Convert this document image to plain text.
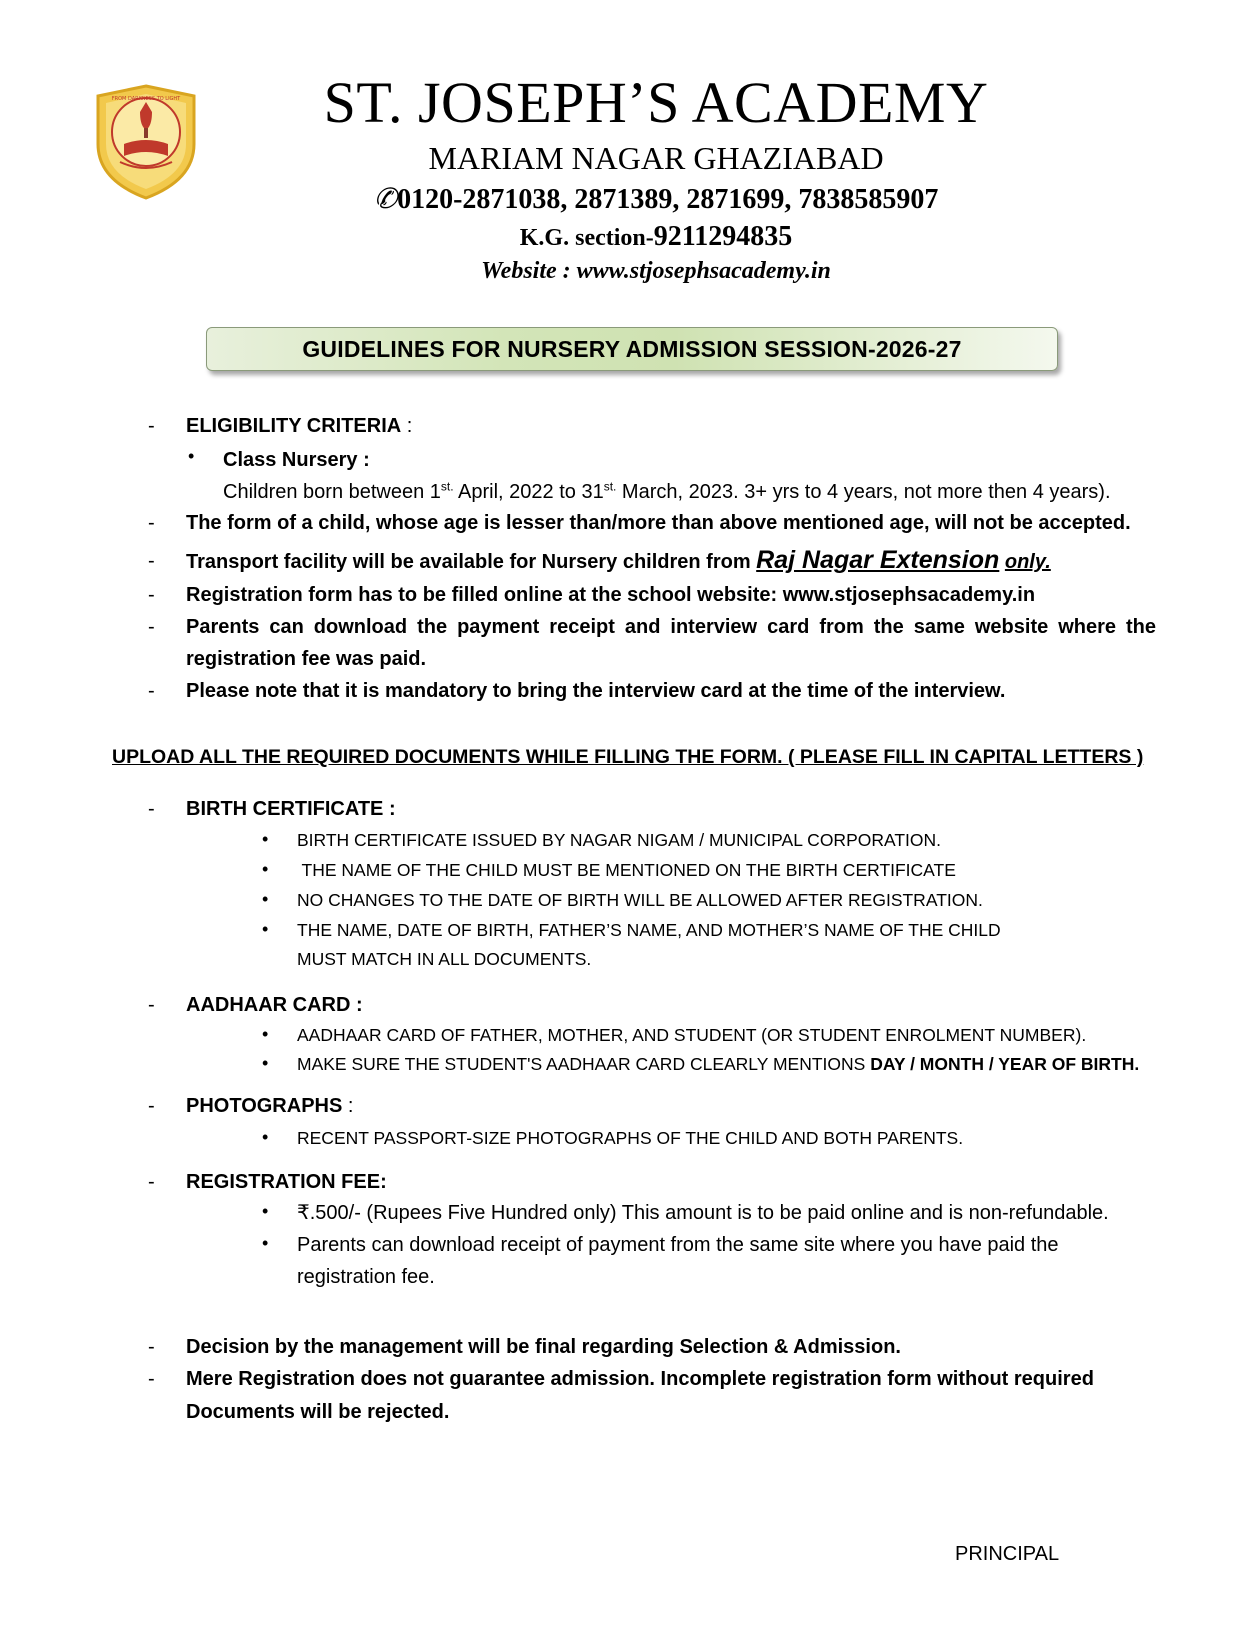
FROM DARKNESS TO LIGHT	ST. JOSEPH’S ACADEMY
MARIAM NAGAR GHAZIABAD
✆0120-2871038, 2871389, 2871699, 7838585907
K.G. section-9211294835
Website : www.stjosephsacademy.in
GUIDELINES FOR NURSERY ADMISSION SESSION-2026-27
- ELIGIBILITY CRITERIA :
• Class Nursery :
Children born between $1^{st.}$ April, 2022 to $31^{st.}$ March, 2023. 3+ yrs to 4 years, not more then 4 years).
- The form of a child, whose age is lesser than/more than above mentioned age, will not be accepted.
- Transport facility will be available for Nursery children from Raj Nagar Extension only.
- Registration form has to be filled online at the school website: www.stjosephsacademy.in
- Parents can download the payment receipt and interview card from the same website where the
registration fee was paid.
- Please note that it is mandatory to bring the interview card at the time of the interview.
UPLOAD ALL THE REQUIRED DOCUMENTS WHILE FILLING THE FORM. ( PLEASE FILL IN CAPITAL LETTERS )
- BIRTH CERTIFICATE :
• BIRTH CERTIFICATE ISSUED BY NAGAR NIGAM / MUNICIPAL CORPORATION.
• THE NAME OF THE CHILD MUST BE MENTIONED ON THE BIRTH CERTIFICATE
• NO CHANGES TO THE DATE OF BIRTH WILL BE ALLOWED AFTER REGISTRATION.
• THE NAME, DATE OF BIRTH, FATHER’S NAME, AND MOTHER’S NAME OF THE CHILD
MUST MATCH IN ALL DOCUMENTS.
- AADHAAR CARD :
• AADHAAR CARD OF FATHER, MOTHER, AND STUDENT (OR STUDENT ENROLMENT NUMBER).
• MAKE SURE THE STUDENT'S AADHAAR CARD CLEARLY MENTIONS DAY / MONTH / YEAR OF BIRTH.
- PHOTOGRAPHS :
• RECENT PASSPORT-SIZE PHOTOGRAPHS OF THE CHILD AND BOTH PARENTS.
- REGISTRATION FEE:
• ₹.500/- (Rupees Five Hundred only) This amount is to be paid online and is non-refundable.
• Parents can download receipt of payment from the same site where you have paid the
registration fee.
- Decision by the management will be final regarding Selection & Admission.
- Mere Registration does not guarantee admission. Incomplete registration form without required
Documents will be rejected.
PRINCIPAL
